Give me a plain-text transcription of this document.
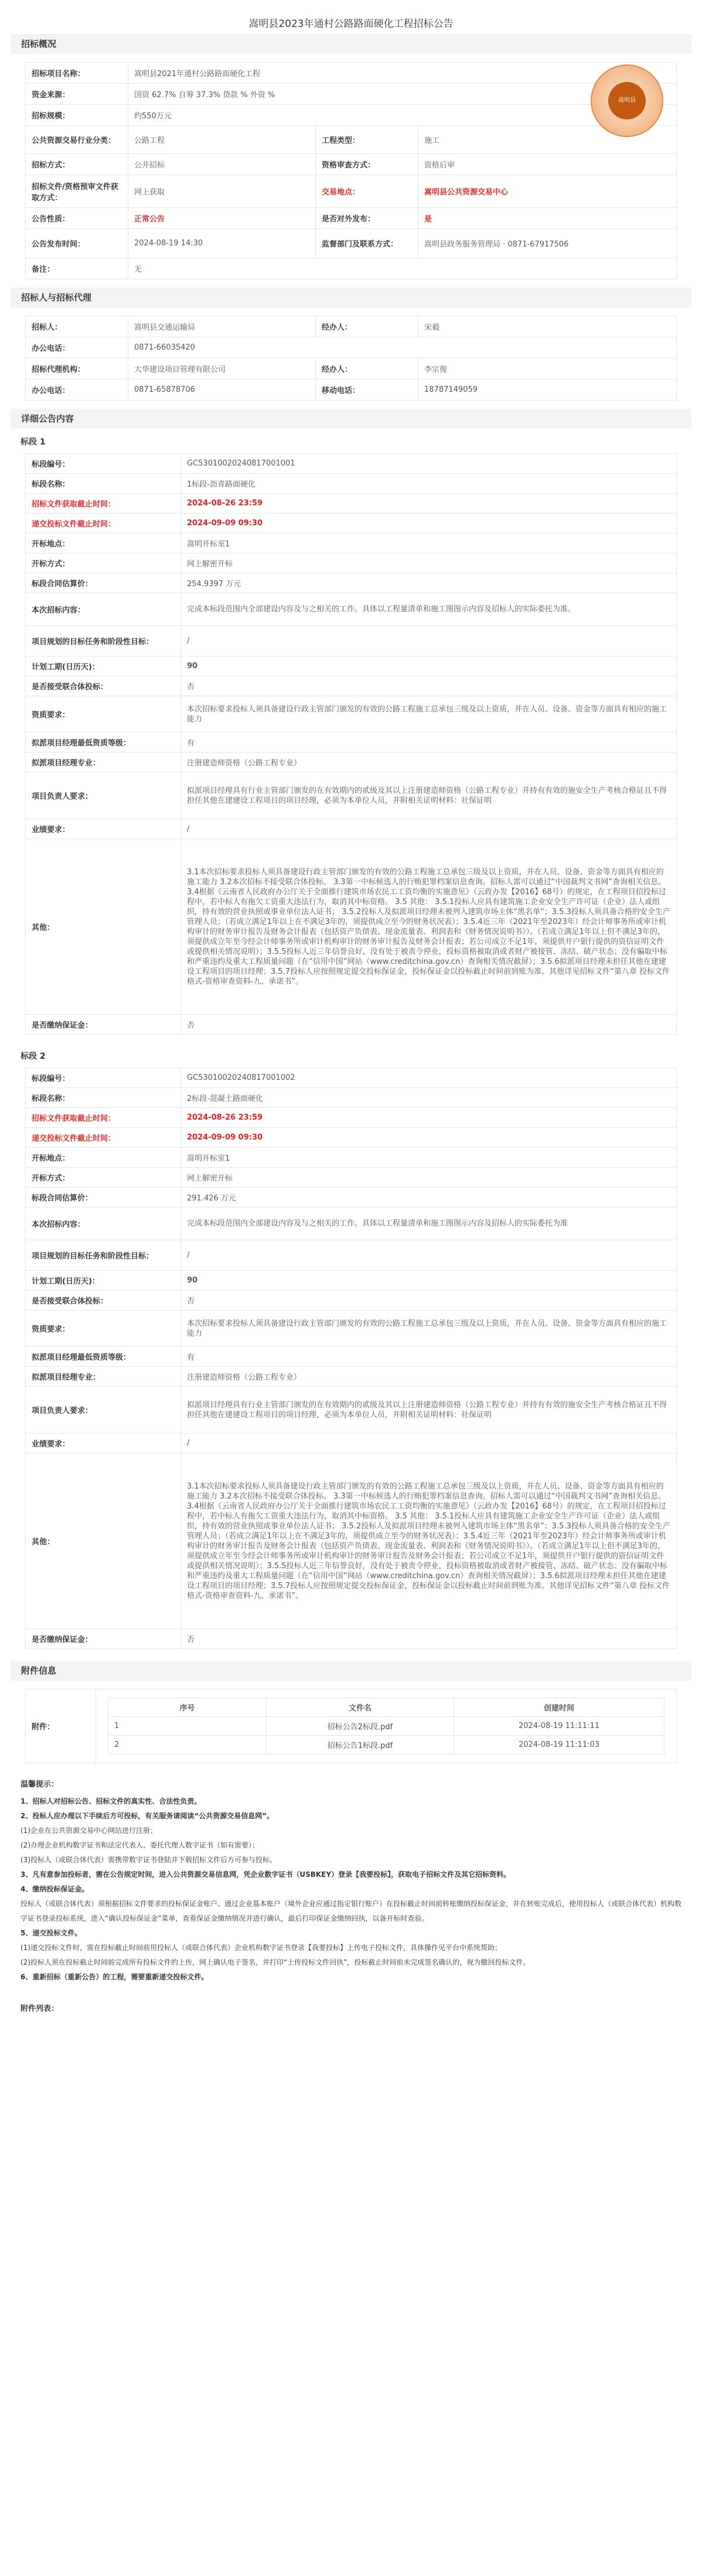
嵩明县2023年通村公路路面硬化工程招标公告
招标概况
招标项目名称：	嵩明县2021年通村公路路面硬化工程		
资金来源：	国资 62.7% 自筹 37.3% 贷款 % 外资 %		
招标规模：	约550万元		
公共资源交易行业分类：	公路工程	工程类型：	施工
招标方式：	公开招标	资格审查方式：	资格后审
招标文件/资格预审文件获取方式：	网上获取	交易地点：	嵩明县公共资源交易中心
公告性质：	正常公告	是否对外发布：	是
公告发布时间：	2024-08-19 14:30	监督部门及联系方式：	嵩明县政务服务管理局 · 0871-67917506
备注：	无		
嵩明县
招标人与招标代理
招标人：	嵩明县交通运输局	经办人：	宋毅
办公电话：	0871-66035420		
招标代理机构：	大华建设项目管理有限公司	经办人：	李宗俊
办公电话：	0871-65878706	移动电话：	18787149059
详细公告内容
标段 1
标段编号：	GC53010020240817001001
标段名称：	1标段-沥青路面硬化
招标文件获取截止时间：	2024-08-26 23:59
递交投标文件截止时间：	2024-09-09 09:30
开标地点：	嵩明开标室1
开标方式：	网上解密开标
标段合同估算价：	254.9397 万元
本次招标内容：	完成本标段范围内全部建设内容及与之相关的工作。具体以工程量清单和施工图图示内容及招标人的实际委托为准。
项目规划的目标任务和阶段性目标：	/
计划工期(日历天)：	90
是否接受联合体投标：	否
资质要求：	本次招标要求投标人须具备建设行政主管部门颁发的有效的公路工程施工总承包三级及以上资质，并在人员、设备、资金等方面具有相应的施工能力
拟派项目经理最低资质等级：	有
拟派项目经理专业：	注册建造师资格（公路工程专业）
项目负责人要求：	拟派项目经理具有行业主管部门颁发的在有效期内的贰级及其以上注册建造师资格（公路工程专业）并持有有效的施安全生产考核合格证且不得担任其他在建建设工程项目的项目经理，必须为本单位人员，并附相关证明材料：社保证明
业绩要求：	/
其他：	3.1本次招标要求投标人须具备建设行政主管部门颁发的有效的公路工程施工总承包三级及以上资质，并在人员、设备、资金等方面具有相应的施工能力 3.2本次招标不接受联合体投标。 3.3第一中标候选人的行贿犯罪档案信息查询。招标人需可以通过“中国裁判文书网”查询相关信息。 3.4根据《云南省人民政府办公厅关于全面推行建筑市场农民工工资均衡的实施意见》（云政办发【2016】68号）的规定，在工程项目招投标过程中，若中标人有拖欠工资重大违法行为，取消其中标资格。 3.5 其他： 3.5.1投标人应具有建筑施工企业安全生产许可证（企业）法人或组织，持有效的营业执照或事业单位法人证书； 3.5.2投标人及拟派项目经理未被列入建筑市场主体“黑名单”；3.5.3投标人须具备合格的安全生产管理人员；（若成立满足1年以上在不满足3年的，须提供成立至今的财务状况表）；3.5.4近三年（2021年至2023年）经会计师事务所或审计机构审计的财务审计报告及财务会计报表（包括资产负债表、现金流量表、利润表和《财务情况说明书》）。（若成立满足1年以上但不满足3年的，须提供成立年至今经会计师事务所或审计机构审计的财务审计报告及财务会计报表；若公司成立不足1年，须提供开户银行提供的资信证明文件或提供相关情况说明）；3.5.5投标人近三年信誉良好，没有处于被责令停业，投标资格被取消或者财产被接管、冻结、破产状态；没有骗取中标和严重违约及重大工程质量问题（在“信用中国”网站（www.creditchina.gov.cn）查询相关情况截屏）；3.5.6拟派项目经理未担任其他在建建设工程项目的项目经理；3.5.7投标人应按照规定提交投标保证金，投标保证金以投标截止时间前到账为准。其他详见招标文件“第八章 投标文件格式-资格审查资料-九、承诺书”。
是否缴纳保证金：	否
标段 2
标段编号：	GC53010020240817001002
标段名称：	2标段-混凝土路面硬化
招标文件获取截止时间：	2024-08-26 23:59
递交投标文件截止时间：	2024-09-09 09:30
开标地点：	嵩明开标室1
开标方式：	网上解密开标
标段合同估算价：	291.426 万元
本次招标内容：	完成本标段范围内全部建设内容及与之相关的工作。具体以工程量清单和施工图图示内容及招标人的实际委托为准
项目规划的目标任务和阶段性目标：	/
计划工期(日历天)：	90
是否接受联合体投标：	否
资质要求：	本次招标要求投标人须具备建设行政主管部门颁发的有效的公路工程施工总承包三级及以上资质，并在人员、设备、资金等方面具有相应的施工能力
拟派项目经理最低资质等级：	有
拟派项目经理专业：	注册建造师资格（公路工程专业）
项目负责人要求：	拟派项目经理具有行业主管部门颁发的在有效期内的贰级及其以上注册建造师资格（公路工程专业）并持有有效的施安全生产考核合格证且不得担任其他在建建设工程项目的项目经理，必须为本单位人员，并附相关证明材料：社保证明
业绩要求：	/
其他：	3.1本次招标要求投标人须具备建设行政主管部门颁发的有效的公路工程施工总承包三级及以上资质，并在人员、设备、资金等方面具有相应的施工能力 3.2本次招标不接受联合体投标。 3.3第一中标候选人的行贿犯罪档案信息查询。招标人需可以通过“中国裁判文书网”查询相关信息。 3.4根据《云南省人民政府办公厅关于全面推行建筑市场农民工工资均衡的实施意见》（云政办发【2016】68号）的规定，在工程项目招投标过程中，若中标人有拖欠工资重大违法行为，取消其中标资格。 3.5 其他： 3.5.1投标人应具有建筑施工企业安全生产许可证（企业）法人或组织，持有效的营业执照或事业单位法人证书； 3.5.2投标人及拟派项目经理未被列入建筑市场主体“黑名单”；3.5.3投标人须具备合格的安全生产管理人员；（若成立满足1年以上在不满足3年的，须提供成立至今的财务状况表）；3.5.4近三年（2021年至2023年）经会计师事务所或审计机构审计的财务审计报告及财务会计报表（包括资产负债表、现金流量表、利润表和《财务情况说明书》）。（若成立满足1年以上但不满足3年的，须提供成立年至今经会计师事务所或审计机构审计的财务审计报告及财务会计报表；若公司成立不足1年，须提供开户银行提供的资信证明文件或提供相关情况说明）；3.5.5投标人近三年信誉良好，没有处于被责令停业，投标资格被取消或者财产被接管、冻结、破产状态；没有骗取中标和严重违约及重大工程质量问题（在“信用中国”网站（www.creditchina.gov.cn）查询相关情况截屏）；3.5.6拟派项目经理未担任其他在建建设工程项目的项目经理；3.5.7投标人应按照规定提交投标保证金，投标保证金以投标截止时间前到账为准。其他详见招标文件“第八章 投标文件格式-资格审查资料-九、承诺书”。
是否缴纳保证金：	否
附件信息
附件：	
序号	文件名	创建时间
1	招标公告2标段.pdf	2024-08-19 11:11:11
2	招标公告1标段.pdf	2024-08-19 11:11:03
温馨提示：
1、招标人对招标公告、招标文件的真实性、合法性负责。
2、投标人应办理以下手续后方可投标，有关服务请阅读“公共资源交易信息网”。
(1)企业在公共资源交易中心网站进行注册；
(2)办理企业机构数字证书和法定代表人、委托代理人数字证书（如有需要）；
(3)投标人（或联合体代表）需携带数字证书登陆并下载招标文件后方可参与投标。
3、凡有意参加投标者，需在公告规定时间，进入公共资源交易信息网，凭企业数字证书（USBKEY）登录【我要投标】，获取电子招标文件及其它招标资料。
4、缴纳投标保证金。
投标人（或联合体代表）须根据招标文件要求的投标保证金账户、通过企业基本账户（境外企业应通过指定银行账户）在投标截止时间前转账缴纳投标保证金，并在转账完成后，使用投标人（或联合体代表）机构数字证书登录投标系统，进入“确认投标保证金”菜单，查看保证金缴纳情况并进行确认，最后打印保证金缴纳回执，以备开标时查验。
5、递交投标文件。
(1)递交投标文件时，需在投标截止时间前用投标人（或联合体代表）企业机构数字证书登录【我要投标】上传电子投标文件，具体操作见平台中系统帮助；
(2)投标人须在投标截止时间前完成所有投标文件的上传，网上确认电子签名，并打印“上传投标文件回执”，投标截止时间前未完成签名确认的，视为撤回投标文件。
6、重新招标（重新公告）的工程，需要重新递交投标文件。
附件列表：
